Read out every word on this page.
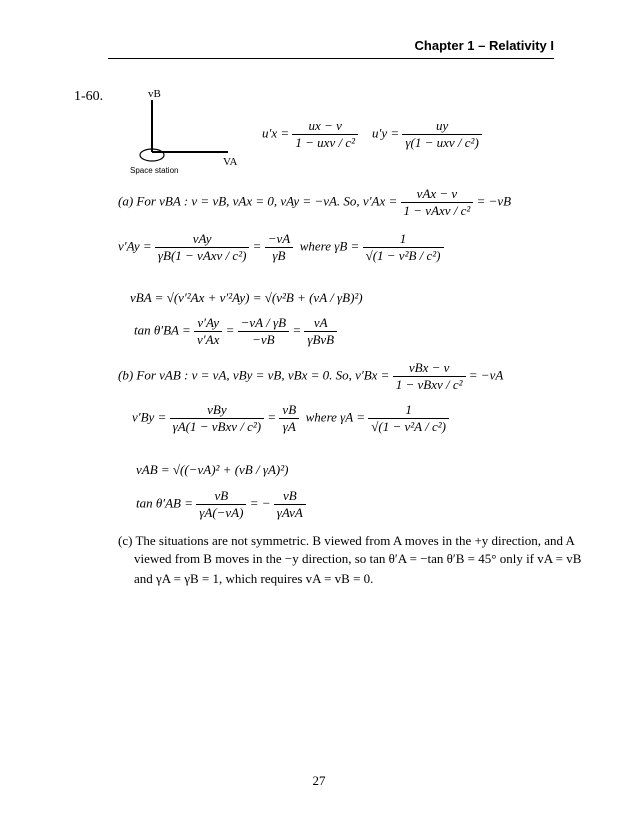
Chapter 1 – Relativity I
1-60.	vB
VA
Space station
$u'x = \frac{ux - v}{\text{1 − uxv / c²}} u'y = \frac{uy}{\text{γ(1 − uxv / c²)}}$
(a) For vBA : v = vB, vAx = 0, vAy = −vA. So, $v'Ax = \frac{\text{vAx − v}}{\text{1 − vAxv / c²}} = -vB$
$v'Ay = \frac{\text{vAy}}{\text{γB(1 − vAxv / c²)}} = \frac{-vA}{\gamma B}$ where $\gamma B = \frac{1}{\text{√(1 − v²B / c²)}}$
vBA = √(v′²Ax + v′²Ay) = √(v²B + (vA / γB)²)
$\tan \theta'BA = \frac{v'Ay}{v'Ax} = \frac{-vA / \gamma B}{-vB} = \frac{vA}{\text{γBvB}}$
(b) For vAB : v = vA, vBy = vB, vBx = 0. So, $v'Bx = \frac{\text{vBx − v}}{\text{1 − vBxv / c²}} = -vA$
$v'By = \frac{\text{vBy}}{\text{γA(1 − vBxv / c²)}} = \frac{vB}{\gamma A}$ where $\gamma A = \frac{1}{\text{√(1 − v²A / c²)}}$
vAB = √((−vA)² + (vB / γA)²)
$\tan \theta'AB = \frac{vB}{\gamma A(-vA)}$ = − $\frac{vB}{\text{γAvA}}$
(c) The situations are not symmetric. B viewed from A moves in the +y direction, and A
viewed from B moves in the −y direction, so tan θ′A = −tan θ′B = 45° only if vA = vB
and γA = γB = 1, which requires vA = vB = 0.
27
